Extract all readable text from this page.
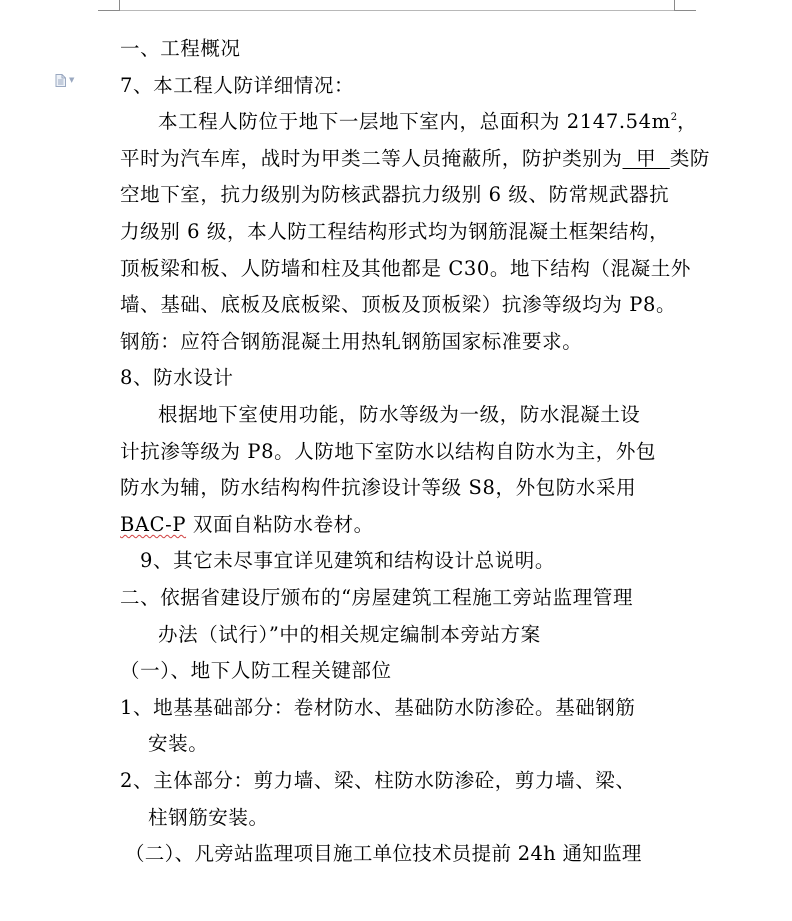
▼
一、工程概况
7、本工程人防详细情况：
本工程人防位于地下一层地下室内，总面积为 $2147.54m^2$，
平时为汽车库，战时为甲类二等人员掩蔽所，防护类别为  甲  类防
空地下室，抗力级别为防核武器抗力级别 6 级、防常规武器抗
力级别 6 级，本人防工程结构形式均为钢筋混凝土框架结构，
顶板梁和板、人防墙和柱及其他都是 C30。地下结构（混凝土外
墙、基础、底板及底板梁、顶板及顶板梁）抗渗等级均为 P8。
钢筋：应符合钢筋混凝土用热轧钢筋国家标准要求。
8、防水设计
根据地下室使用功能，防水等级为一级，防水混凝土设
计抗渗等级为 P8。人防地下室防水以结构自防水为主，外包
防水为辅，防水结构构件抗渗设计等级 S8，外包防水采用
BAC-P 双面自粘防水卷材。
9、其它未尽事宜详见建筑和结构设计总说明。
二、依据省建设厅颁布的“房屋建筑工程施工旁站监理管理
办法（试行）”中的相关规定编制本旁站方案
（一）、地下人防工程关键部位
1、地基基础部分：卷材防水、基础防水防渗砼。基础钢筋
安装。
2、主体部分：剪力墙、梁、柱防水防渗砼，剪力墙、梁、
柱钢筋安装。
（二）、凡旁站监理项目施工单位技术员提前 24h 通知监理
